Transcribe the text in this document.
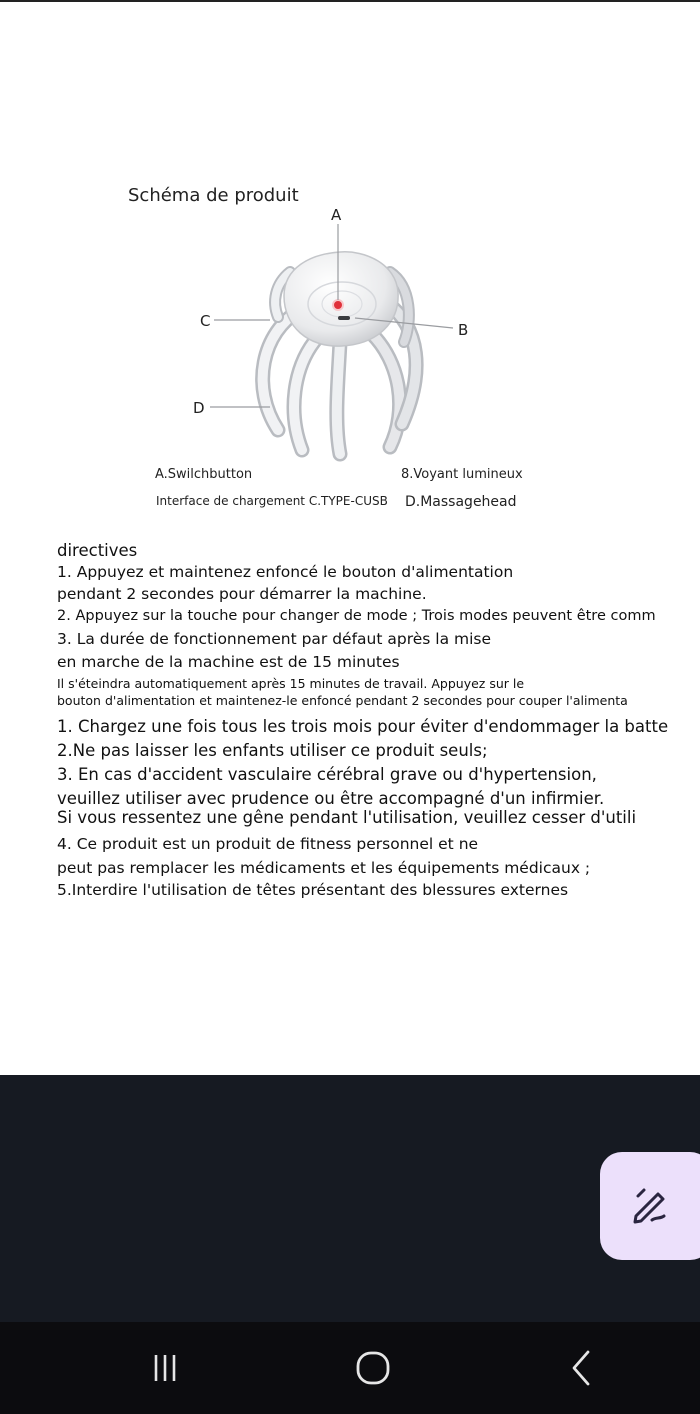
Schéma de produit
A
B
C
D
A.Swilchbutton	8.Voyant lumineux
Interface de chargement C.TYPE-CUSB D.Massagehead
directives
1. Appuyez et maintenez enfoncé le bouton d'alimentation
pendant 2 secondes pour démarrer la machine.
2. Appuyez sur la touche pour changer de mode ; Trois modes peuvent être comm
3. La durée de fonctionnement par défaut après la mise
en marche de la machine est de 15 minutes
Il s'éteindra automatiquement après 15 minutes de travail. Appuyez sur le
bouton d'alimentation et maintenez-le enfoncé pendant 2 secondes pour couper l'alimenta
1. Chargez une fois tous les trois mois pour éviter d'endommager la batte
2.Ne pas laisser les enfants utiliser ce produit seuls;
3. En cas d'accident vasculaire cérébral grave ou d'hypertension,
veuillez utiliser avec prudence ou être accompagné d'un infirmier.
Si vous ressentez une gêne pendant l'utilisation, veuillez cesser d'utili
4. Ce produit est un produit de fitness personnel et ne
peut pas remplacer les médicaments et les équipements médicaux ;
5.Interdire l'utilisation de têtes présentant des blessures externes
